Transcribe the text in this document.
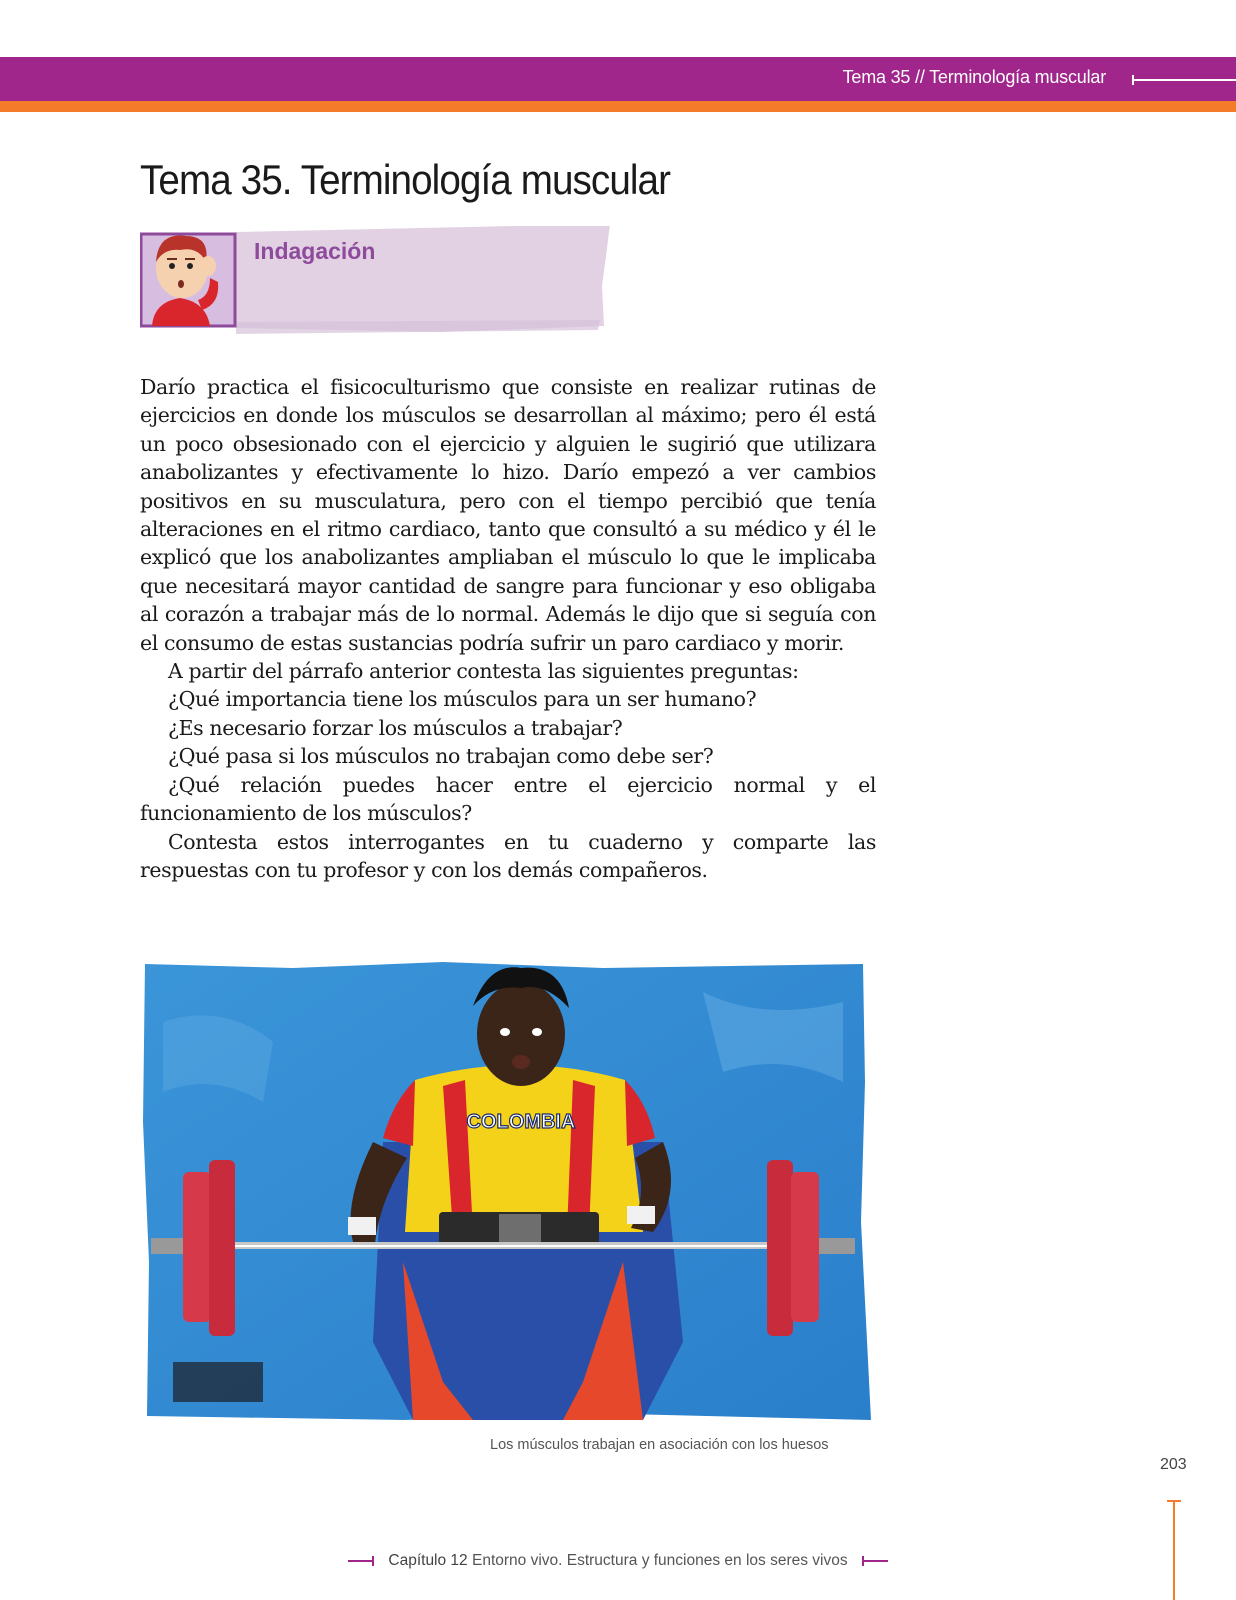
Tema 35 // Terminología muscular
Tema 35. Terminología muscular
Indagación

Darío practica el fisicoculturismo que consiste en realizar rutinas de ejercicios en donde los músculos se desarrollan al máximo; pero él está un poco obsesionado con el ejercicio y alguien le sugirió que utilizara anabolizantes y efectivamente lo hizo. Darío empezó a ver cambios positivos en su musculatura, pero con el tiempo percibió que tenía alteraciones en el ritmo cardiaco, tanto que consultó a su médico y él le explicó que los anabolizantes ampliaban el músculo lo que le implicaba que necesitará mayor cantidad de sangre para funcionar y eso obligaba al corazón a trabajar más de lo normal. Además le dijo que si seguía con el consumo de estas sustancias podría sufrir un paro cardiaco y morir.

A partir del párrafo anterior contesta las siguientes preguntas:

¿Qué importancia tiene los músculos para un ser humano?

¿Es necesario forzar los músculos a trabajar?

¿Qué pasa si los músculos no trabajan como debe ser?

¿Qué relación puedes hacer entre el ejercicio normal y el funcionamiento de los músculos?

Contesta estos interrogantes en tu cuaderno y comparte las respuestas con tu profesor y con los demás compañeros.

COLOMBIA
Los músculos trabajan en asociación con los huesos
203
Capítulo 12 Entorno vivo. Estructura y funciones en los seres vivos
